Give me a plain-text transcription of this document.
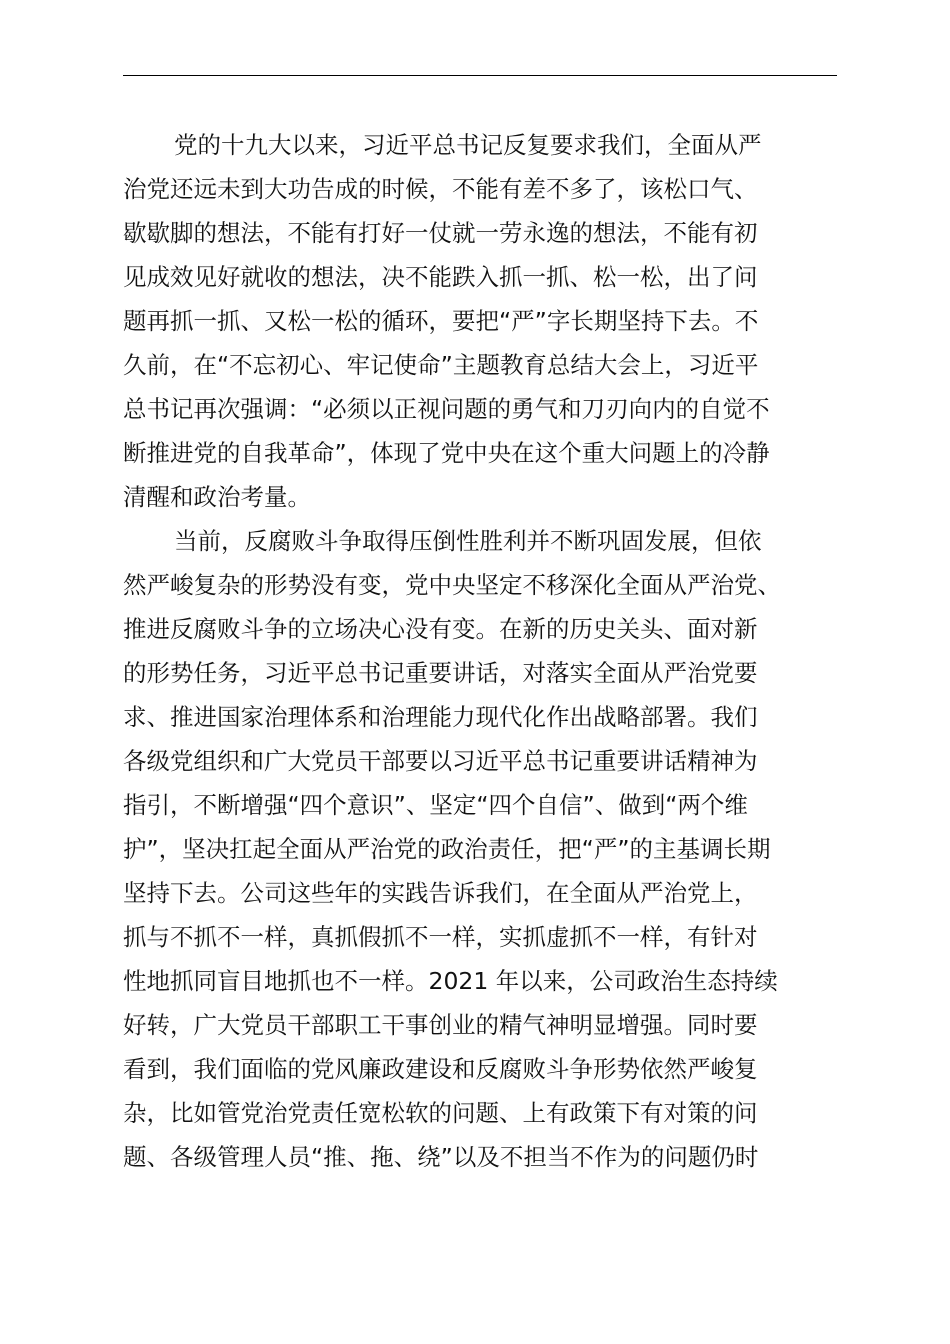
党的十九大以来，习近平总书记反复要求我们，全面从严
治党还远未到大功告成的时候，不能有差不多了，该松口气、
歇歇脚的想法，不能有打好一仗就一劳永逸的想法，不能有初
见成效见好就收的想法，决不能跌入抓一抓、松一松，出了问
题再抓一抓、又松一松的循环，要把“严”字长期坚持下去。不
久前，在“不忘初心、牢记使命”主题教育总结大会上，习近平
总书记再次强调：“必须以正视问题的勇气和刀刃向内的自觉不
断推进党的自我革命”，体现了党中央在这个重大问题上的冷静
清醒和政治考量。
当前，反腐败斗争取得压倒性胜利并不断巩固发展，但依
然严峻复杂的形势没有变，党中央坚定不移深化全面从严治党、
推进反腐败斗争的立场决心没有变。在新的历史关头、面对新
的形势任务，习近平总书记重要讲话，对落实全面从严治党要
求、推进国家治理体系和治理能力现代化作出战略部署。我们
各级党组织和广大党员干部要以习近平总书记重要讲话精神为
指引，不断增强“四个意识”、坚定“四个自信”、做到“两个维
护”，坚决扛起全面从严治党的政治责任，把“严”的主基调长期
坚持下去。公司这些年的实践告诉我们，在全面从严治党上，
抓与不抓不一样，真抓假抓不一样，实抓虚抓不一样，有针对
性地抓同盲目地抓也不一样。2021 年以来，公司政治生态持续
好转，广大党员干部职工干事创业的精气神明显增强。同时要
看到，我们面临的党风廉政建设和反腐败斗争形势依然严峻复
杂，比如管党治党责任宽松软的问题、上有政策下有对策的问
题、各级管理人员“推、拖、绕”以及不担当不作为的问题仍时
